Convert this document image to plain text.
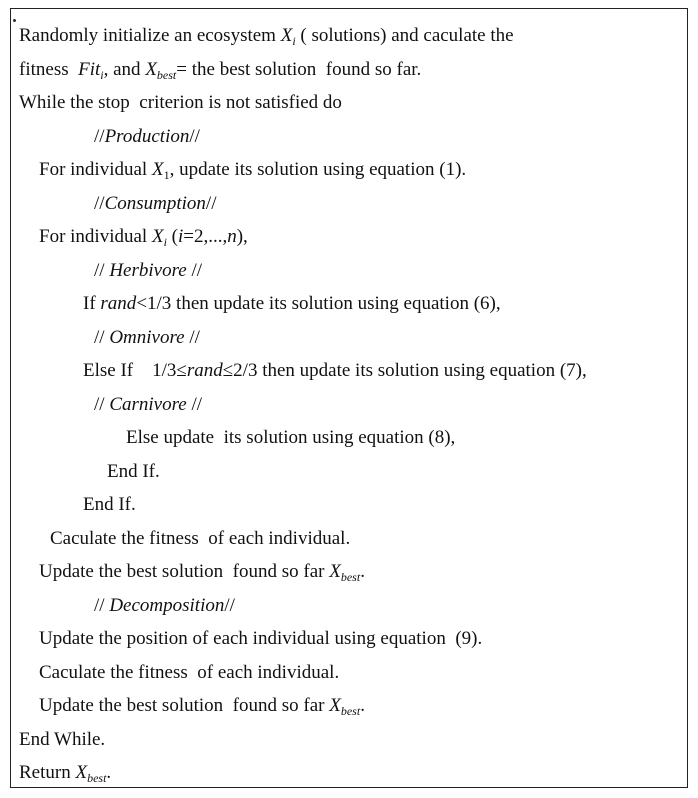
Randomly initialize an ecosystem $X_i$ ( solutions) and caculate the
fitness  Fit$_i$, and $X_{best}=$ the best solution  found so far.
While the stop  criterion is not satisfied do
//Production//
For individual $X_1$, update its solution using equation (1).
//Consumption//
For individual $X_i$ (i=2,...,n),
// Herbivore //
If rand<1/3 then update its solution using equation (6),
// Omnivore //
Else If    1/3≤rand≤2/3 then update its solution using equation (7),
// Carnivore //
Else update  its solution using equation (8),
End If.
End If.
Caculate the fitness  of each individual.
Update the best solution  found so far $X_{best}$.
// Decomposition//
Update the position of each individual using equation  (9).
Caculate the fitness  of each individual.
Update the best solution  found so far $X_{best}$.
End While.
Return $X_{best}$.
